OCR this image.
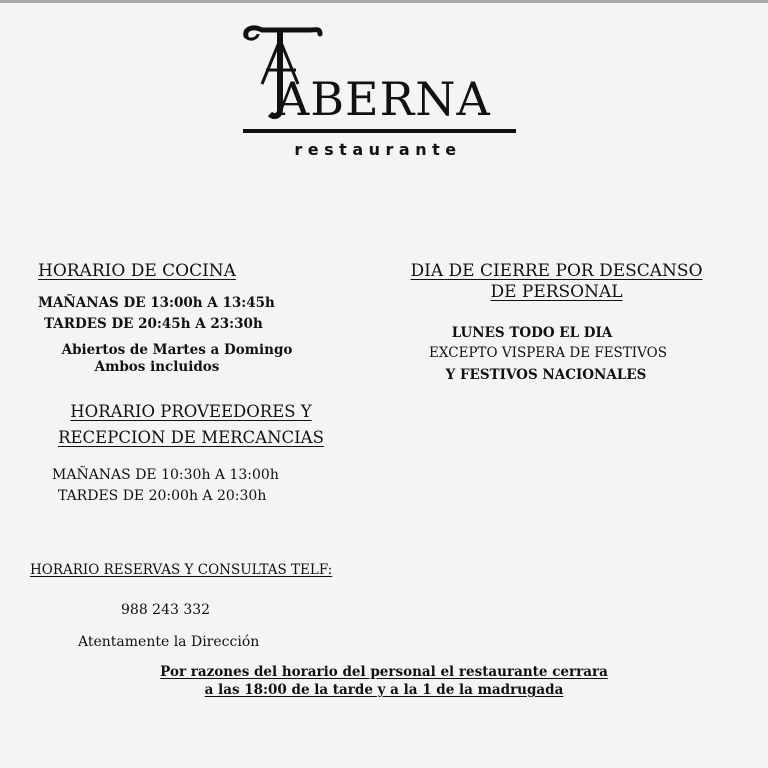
ABERNA
restaurante
HORARIO DE COCINA
MAÑANAS DE 13:00h A 13:45h
TARDES DE 20:45h A 23:30h
Abiertos de Martes a Domingo
Ambos incluidos
DIA DE CIERRE POR DESCANSO
DE PERSONAL
LUNES TODO EL DIA
EXCEPTO VISPERA DE FESTIVOS
Y FESTIVOS NACIONALES
HORARIO PROVEEDORES Y
RECEPCION DE MERCANCIAS
MAÑANAS DE 10:30h A 13:00h
TARDES DE 20:00h A 20:30h
HORARIO RESERVAS Y CONSULTAS TELF:
988 243 332
Atentamente la Dirección
Por razones del horario del personal el restaurante cerrara
a las 18:00 de la tarde y a la 1 de la madrugada
